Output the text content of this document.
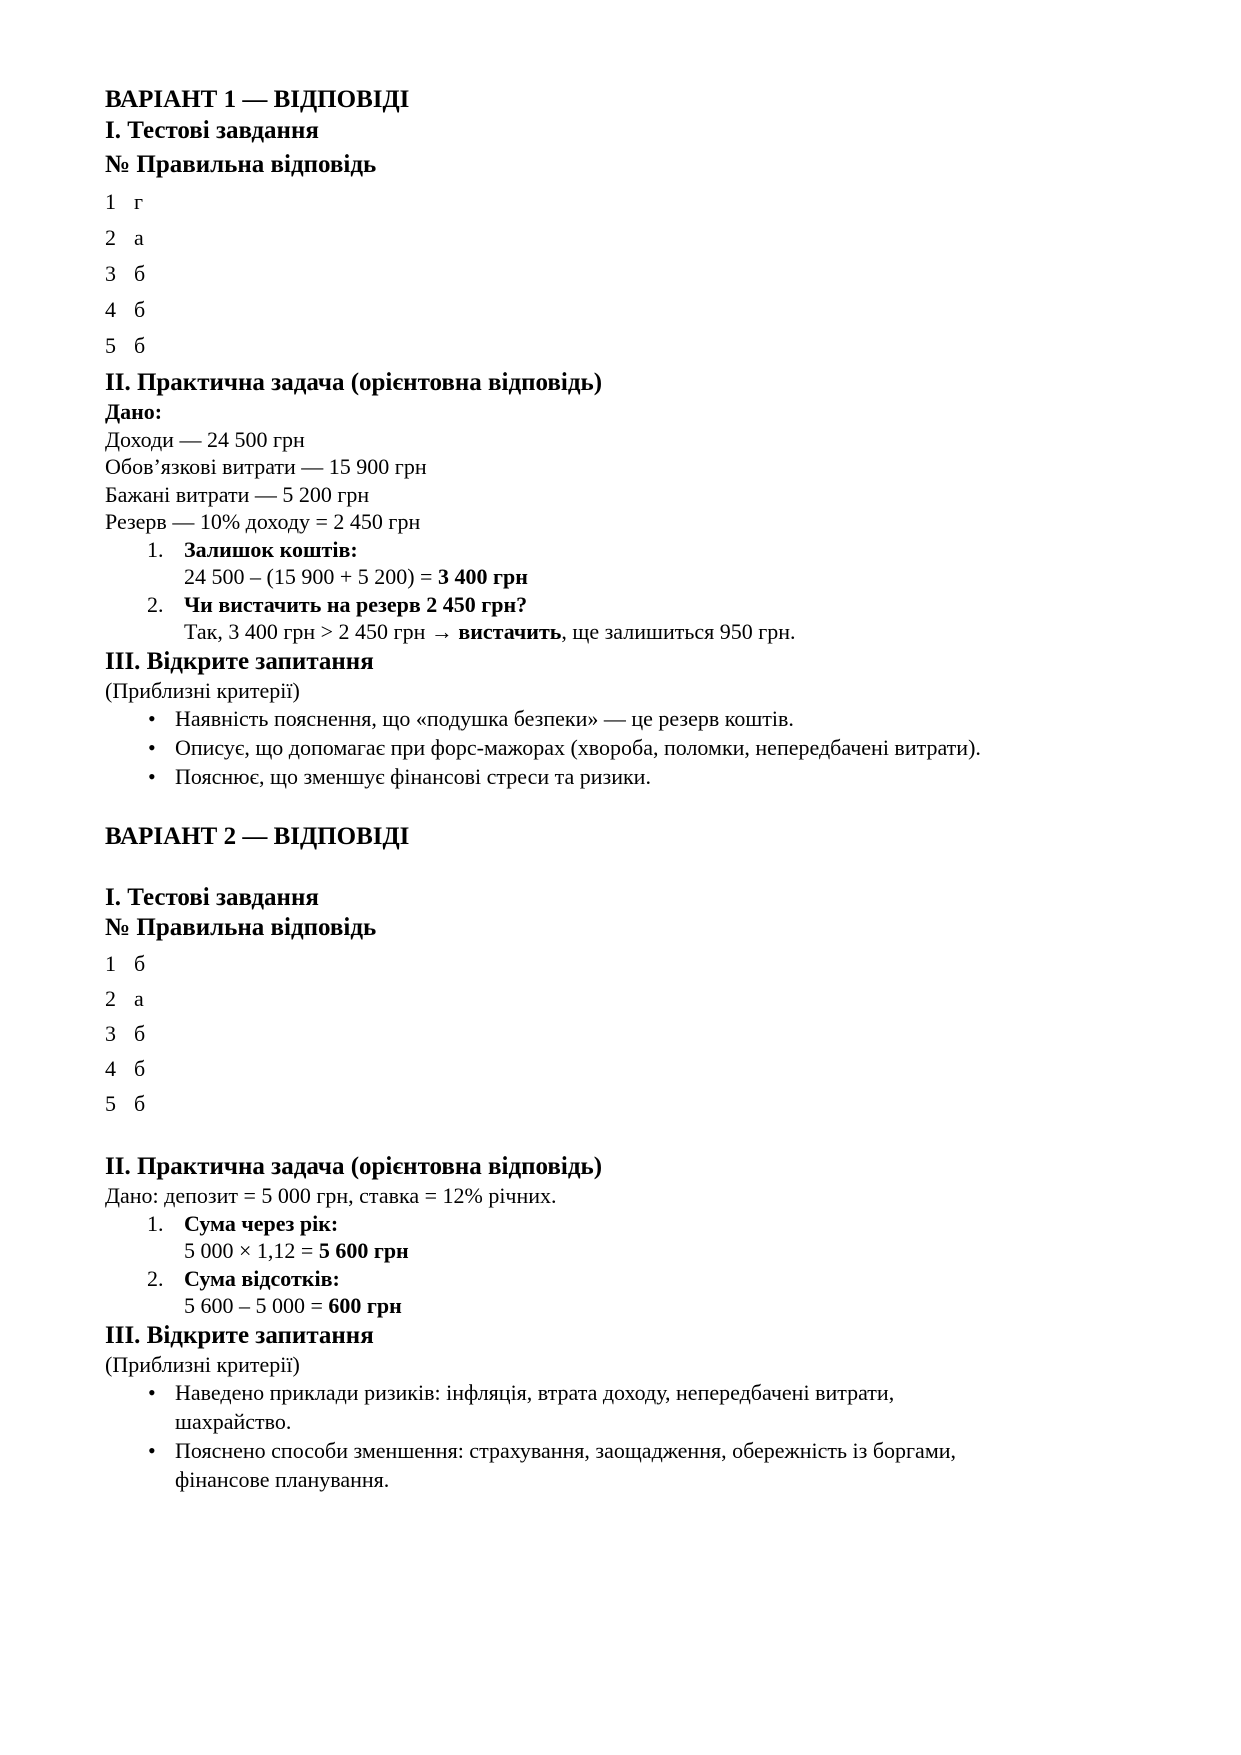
ВАРІАНТ 1 — ВІДПОВІДІ
І. Тестові завдання
№ Правильна відповідь
1 г
2 а
3 б
4 б
5 б
ІІ. Практична задача (орієнтовна відповідь)
Дано:
Доходи — 24 500 грн
Обов’язкові витрати — 15 900 грн
Бажані витрати — 5 200 грн
Резерв — 10% доходу = 2 450 грн
1. Залишок коштів:
24 500 – (15 900 + 5 200) = 3 400 грн
2. Чи вистачить на резерв 2 450 грн?
Так, 3 400 грн > 2 450 грн → вистачить, ще залишиться 950 грн.
ІІІ. Відкрите запитання
(Приблизні критерії)
• Наявність пояснення, що «подушка безпеки» — це резерв коштів.
• Описує, що допомагає при форс-мажорах (хвороба, поломки, непередбачені витрати).
• Пояснює, що зменшує фінансові стреси та ризики.
ВАРІАНТ 2 — ВІДПОВІДІ
І. Тестові завдання
№ Правильна відповідь
1 б
2 а
3 б
4 б
5 б
ІІ. Практична задача (орієнтовна відповідь)
Дано: депозит = 5 000 грн, ставка = 12% річних.
1. Сума через рік:
5 000 × 1,12 = 5 600 грн
2. Сума відсотків:
5 600 – 5 000 = 600 грн
ІІІ. Відкрите запитання
(Приблизні критерії)
• Наведено приклади ризиків: інфляція, втрата доходу, непередбачені витрати,
шахрайство.
• Пояснено способи зменшення: страхування, заощадження, обережність із боргами,
фінансове планування.
